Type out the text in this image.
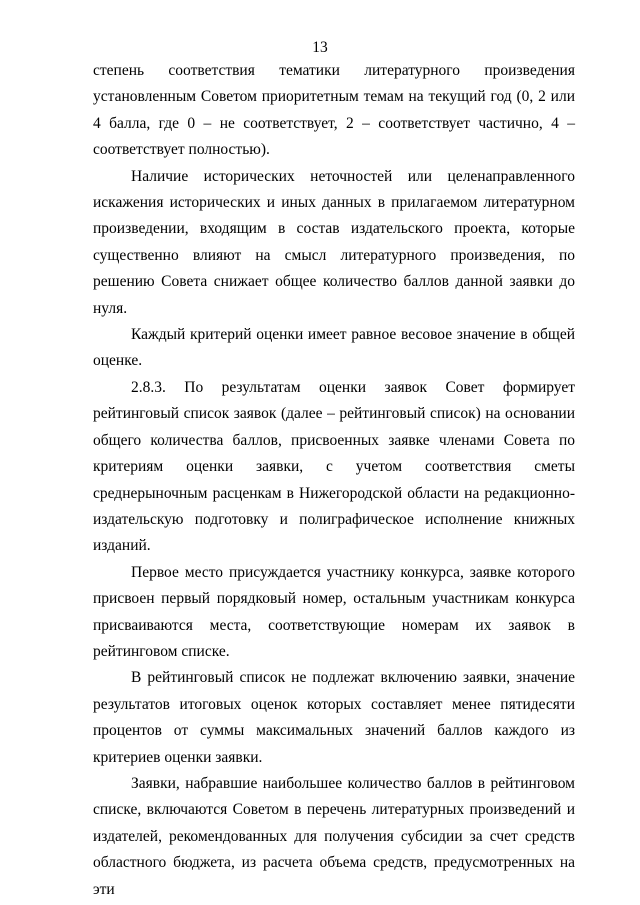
13

степень соответствия тематики литературного произведения установленным Советом приоритетным темам на текущий год (0, 2 или 4 балла, где 0 – не соответствует, 2 – соответствует частично, 4 – соответствует полностью).

Наличие исторических неточностей или целенаправленного искажения исторических и иных данных в прилагаемом литературном произведении, входящим в состав издательского проекта, которые существенно влияют на смысл литературного произведения, по решению Совета снижает общее количество баллов данной заявки до нуля.

Каждый критерий оценки имеет равное весовое значение в общей оценке.

2.8.3. По результатам оценки заявок Совет формирует рейтинговый список заявок (далее – рейтинговый список) на основании общего количества баллов, присвоенных заявке членами Совета по критериям оценки заявки, с учетом соответствия сметы среднерыночным расценкам в Нижегородской области на редакционно-издательскую подготовку и полиграфическое исполнение книжных изданий.

Первое место присуждается участнику конкурса, заявке которого присвоен первый порядковый номер, остальным участникам конкурса присваиваются места, соответствующие номерам их заявок в рейтинговом списке.

В рейтинговый список не подлежат включению заявки, значение результатов итоговых оценок которых составляет менее пятидесяти процентов от суммы максимальных значений баллов каждого из критериев оценки заявки.

Заявки, набравшие наибольшее количество баллов в рейтинговом списке, включаются Советом в перечень литературных произведений и издателей, рекомендованных для получения субсидии за счет средств областного бюджета, из расчета объема средств, предусмотренных на эти
